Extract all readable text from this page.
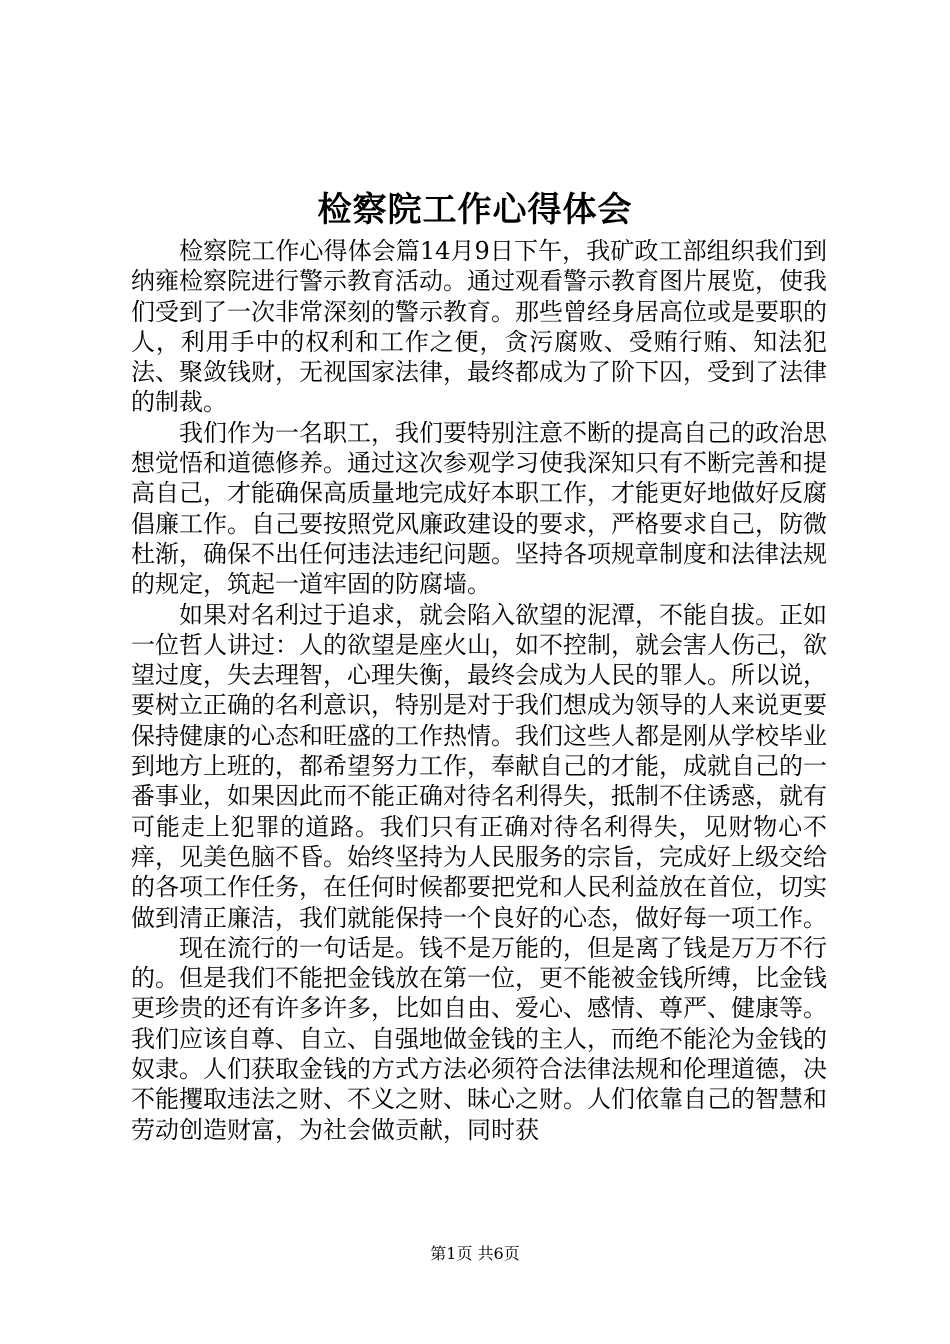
检察院工作心得体会

检察院工作心得体会篇14月9日下午，我矿政工部组织我们到纳雍检察院进行警示教育活动。通过观看警示教育图片展览，使我们受到了一次非常深刻的警示教育。那些曾经身居高位或是要职的人，利用手中的权利和工作之便，贪污腐败、受贿行贿、知法犯法、聚敛钱财，无视国家法律，最终都成为了阶下囚，受到了法律的制裁。

我们作为一名职工，我们要特别注意不断的提高自己的政治思想觉悟和道德修养。通过这次参观学习使我深知只有不断完善和提高自己，才能确保高质量地完成好本职工作，才能更好地做好反腐倡廉工作。自己要按照党风廉政建设的要求，严格要求自己，防微杜渐，确保不出任何违法违纪问题。坚持各项规章制度和法律法规的规定，筑起一道牢固的防腐墙。

如果对名利过于追求，就会陷入欲望的泥潭，不能自拔。正如一位哲人讲过：人的欲望是座火山，如不控制，就会害人伤己，欲望过度，失去理智，心理失衡，最终会成为人民的罪人。所以说，要树立正确的名利意识，特别是对于我们想成为领导的人来说更要保持健康的心态和旺盛的工作热情。我们这些人都是刚从学校毕业到地方上班的，都希望努力工作，奉献自己的才能，成就自己的一番事业，如果因此而不能正确对待名利得失，抵制不住诱惑，就有可能走上犯罪的道路。我们只有正确对待名利得失，见财物心不痒，见美色脑不昏。始终坚持为人民服务的宗旨，完成好上级交给的各项工作任务，在任何时候都要把党和人民利益放在首位，切实做到清正廉洁，我们就能保持一个良好的心态，做好每一项工作。

现在流行的一句话是。钱不是万能的，但是离了钱是万万不行的。但是我们不能把金钱放在第一位，更不能被金钱所缚，比金钱更珍贵的还有许多许多，比如自由、爱心、感情、尊严、健康等。我们应该自尊、自立、自强地做金钱的主人，而绝不能沦为金钱的奴隶。人们获取金钱的方式方法必须符合法律法规和伦理道德，决不能攫取违法之财、不义之财、昧心之财。人们依靠自己的智慧和劳动创造财富，为社会做贡献，同时获

第1页 共6页
